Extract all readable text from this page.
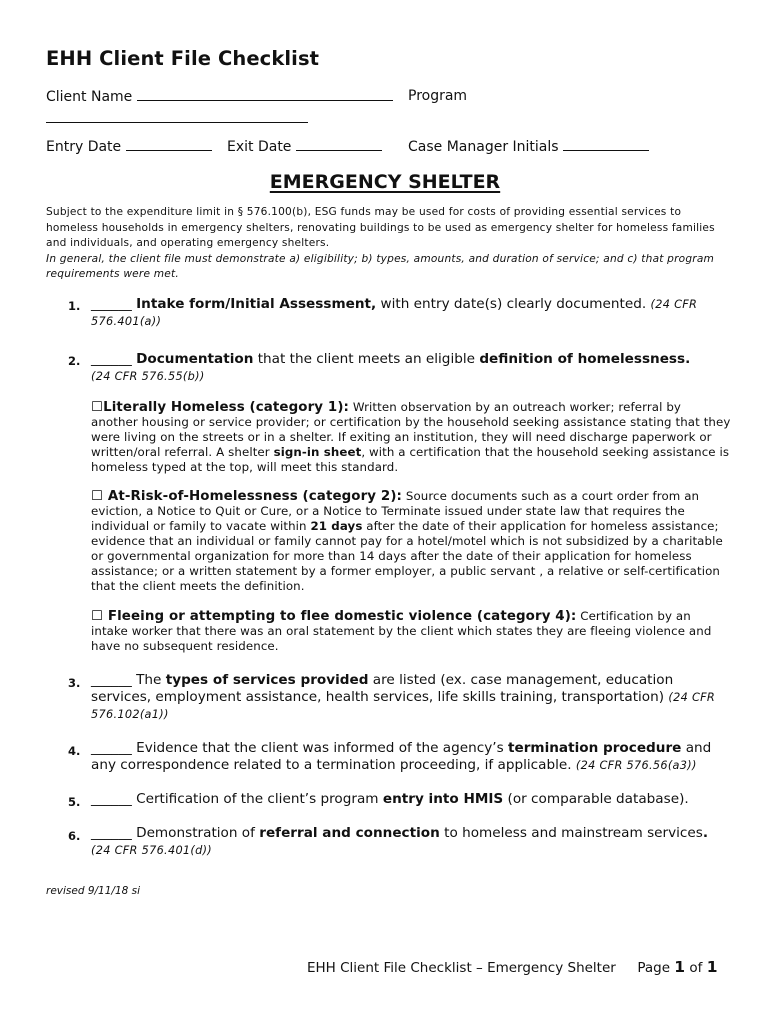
EHH Client File Checklist
Client Name	Program
Entry Date	Exit Date	Case Manager Initials
EMERGENCY SHELTER
Subject to the expenditure limit in § 576.100(b), ESG funds may be used for costs of providing essential services to homeless households in emergency shelters, renovating buildings to be used as emergency shelter for homeless families and individuals, and operating emergency shelters.
In general, the client file must demonstrate a) eligibility; b) types, amounts, and duration of service; and c) that program requirements were met.
1. ______ Intake form/Initial Assessment, with entry date(s) clearly documented. (24 CFR 576.401(a))
2. ______ Documentation that the client meets an eligible definition of homelessness.
(24 CFR 576.55(b))
☐Literally Homeless (category 1): Written observation by an outreach worker; referral by another housing or service provider; or certification by the household seeking assistance stating that they were living on the streets or in a shelter. If exiting an institution, they will need discharge paperwork or written/oral referral. A shelter sign-in sheet, with a certification that the household seeking assistance is homeless typed at the top, will meet this standard.
☐ At-Risk-of-Homelessness (category 2): Source documents such as a court order from an eviction, a Notice to Quit or Cure, or a Notice to Terminate issued under state law that requires the individual or family to vacate within 21 days after the date of their application for homeless assistance; evidence that an individual or family cannot pay for a hotel/motel which is not subsidized by a charitable or governmental organization for more than 14 days after the date of their application for homeless assistance; or a written statement by a former employer, a public servant , a relative or self-certification that the client meets the definition.
☐ Fleeing or attempting to flee domestic violence (category 4): Certification by an intake worker that there was an oral statement by the client which states they are fleeing violence and have no subsequent residence.
3. ______ The types of services provided are listed (ex. case management, education services, employment assistance, health services, life skills training, transportation) (24 CFR 576.102(a1))
4. ______ Evidence that the client was informed of the agency’s termination procedure and any correspondence related to a termination proceeding, if applicable. (24 CFR 576.56(a3))
5. ______ Certification of the client’s program entry into HMIS (or comparable database).
6. ______ Demonstration of referral and connection to homeless and mainstream services.
(24 CFR 576.401(d))
revised 9/11/18 si
EHH Client File Checklist – Emergency Shelter Page 1 of 1
